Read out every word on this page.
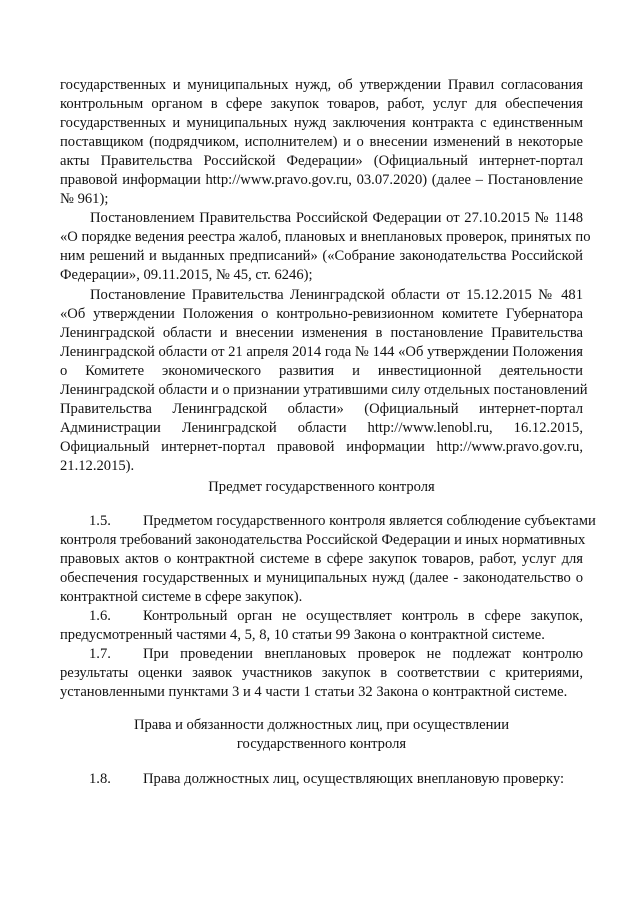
государственных и муниципальных нужд, об утверждении Правил согласования
контрольным органом в сфере закупок товаров, работ, услуг для обеспечения
государственных и муниципальных нужд заключения контракта с единственным
поставщиком (подрядчиком, исполнителем) и о внесении изменений в некоторые
акты Правительства Российской Федерации» (Официальный интернет-портал
правовой информации http://www.pravo.gov.ru, 03.07.2020) (далее – Постановление
№ 961);
Постановлением Правительства Российской Федерации от 27.10.2015 № 1148
«О порядке ведения реестра жалоб, плановых и внеплановых проверок, принятых по
ним решений и выданных предписаний» («Собрание законодательства Российской
Федерации», 09.11.2015, № 45, ст. 6246);
Постановление Правительства Ленинградской области от 15.12.2015 № 481
«Об утверждении Положения о контрольно-ревизионном комитете Губернатора
Ленинградской области и внесении изменения в постановление Правительства
Ленинградской области от 21 апреля 2014 года № 144 «Об утверждении Положения
о Комитете экономического развития и инвестиционной деятельности
Ленинградской области и о признании утратившими силу отдельных постановлений
Правительства Ленинградской области» (Официальный интернет-портал
Администрации Ленинградской области http://www.lenobl.ru, 16.12.2015,
Официальный интернет-портал правовой информации http://www.pravo.gov.ru,
21.12.2015).
Предмет государственного контроля
1.5. Предметом государственного контроля является соблюдение субъектами
контроля требований законодательства Российской Федерации и иных нормативных
правовых актов о контрактной системе в сфере закупок товаров, работ, услуг для
обеспечения государственных и муниципальных нужд (далее - законодательство о
контрактной системе в сфере закупок).
1.6. Контрольный орган не осуществляет контроль в сфере закупок,
предусмотренный частями 4, 5, 8, 10 статьи 99 Закона о контрактной системе.
1.7. При проведении внеплановых проверок не подлежат контролю
результаты оценки заявок участников закупок в соответствии с критериями,
установленными пунктами 3 и 4 части 1 статьи 32 Закона о контрактной системе.
Права и обязанности должностных лиц, при осуществлении
государственного контроля
1.8. Права должностных лиц, осуществляющих внеплановую проверку:
